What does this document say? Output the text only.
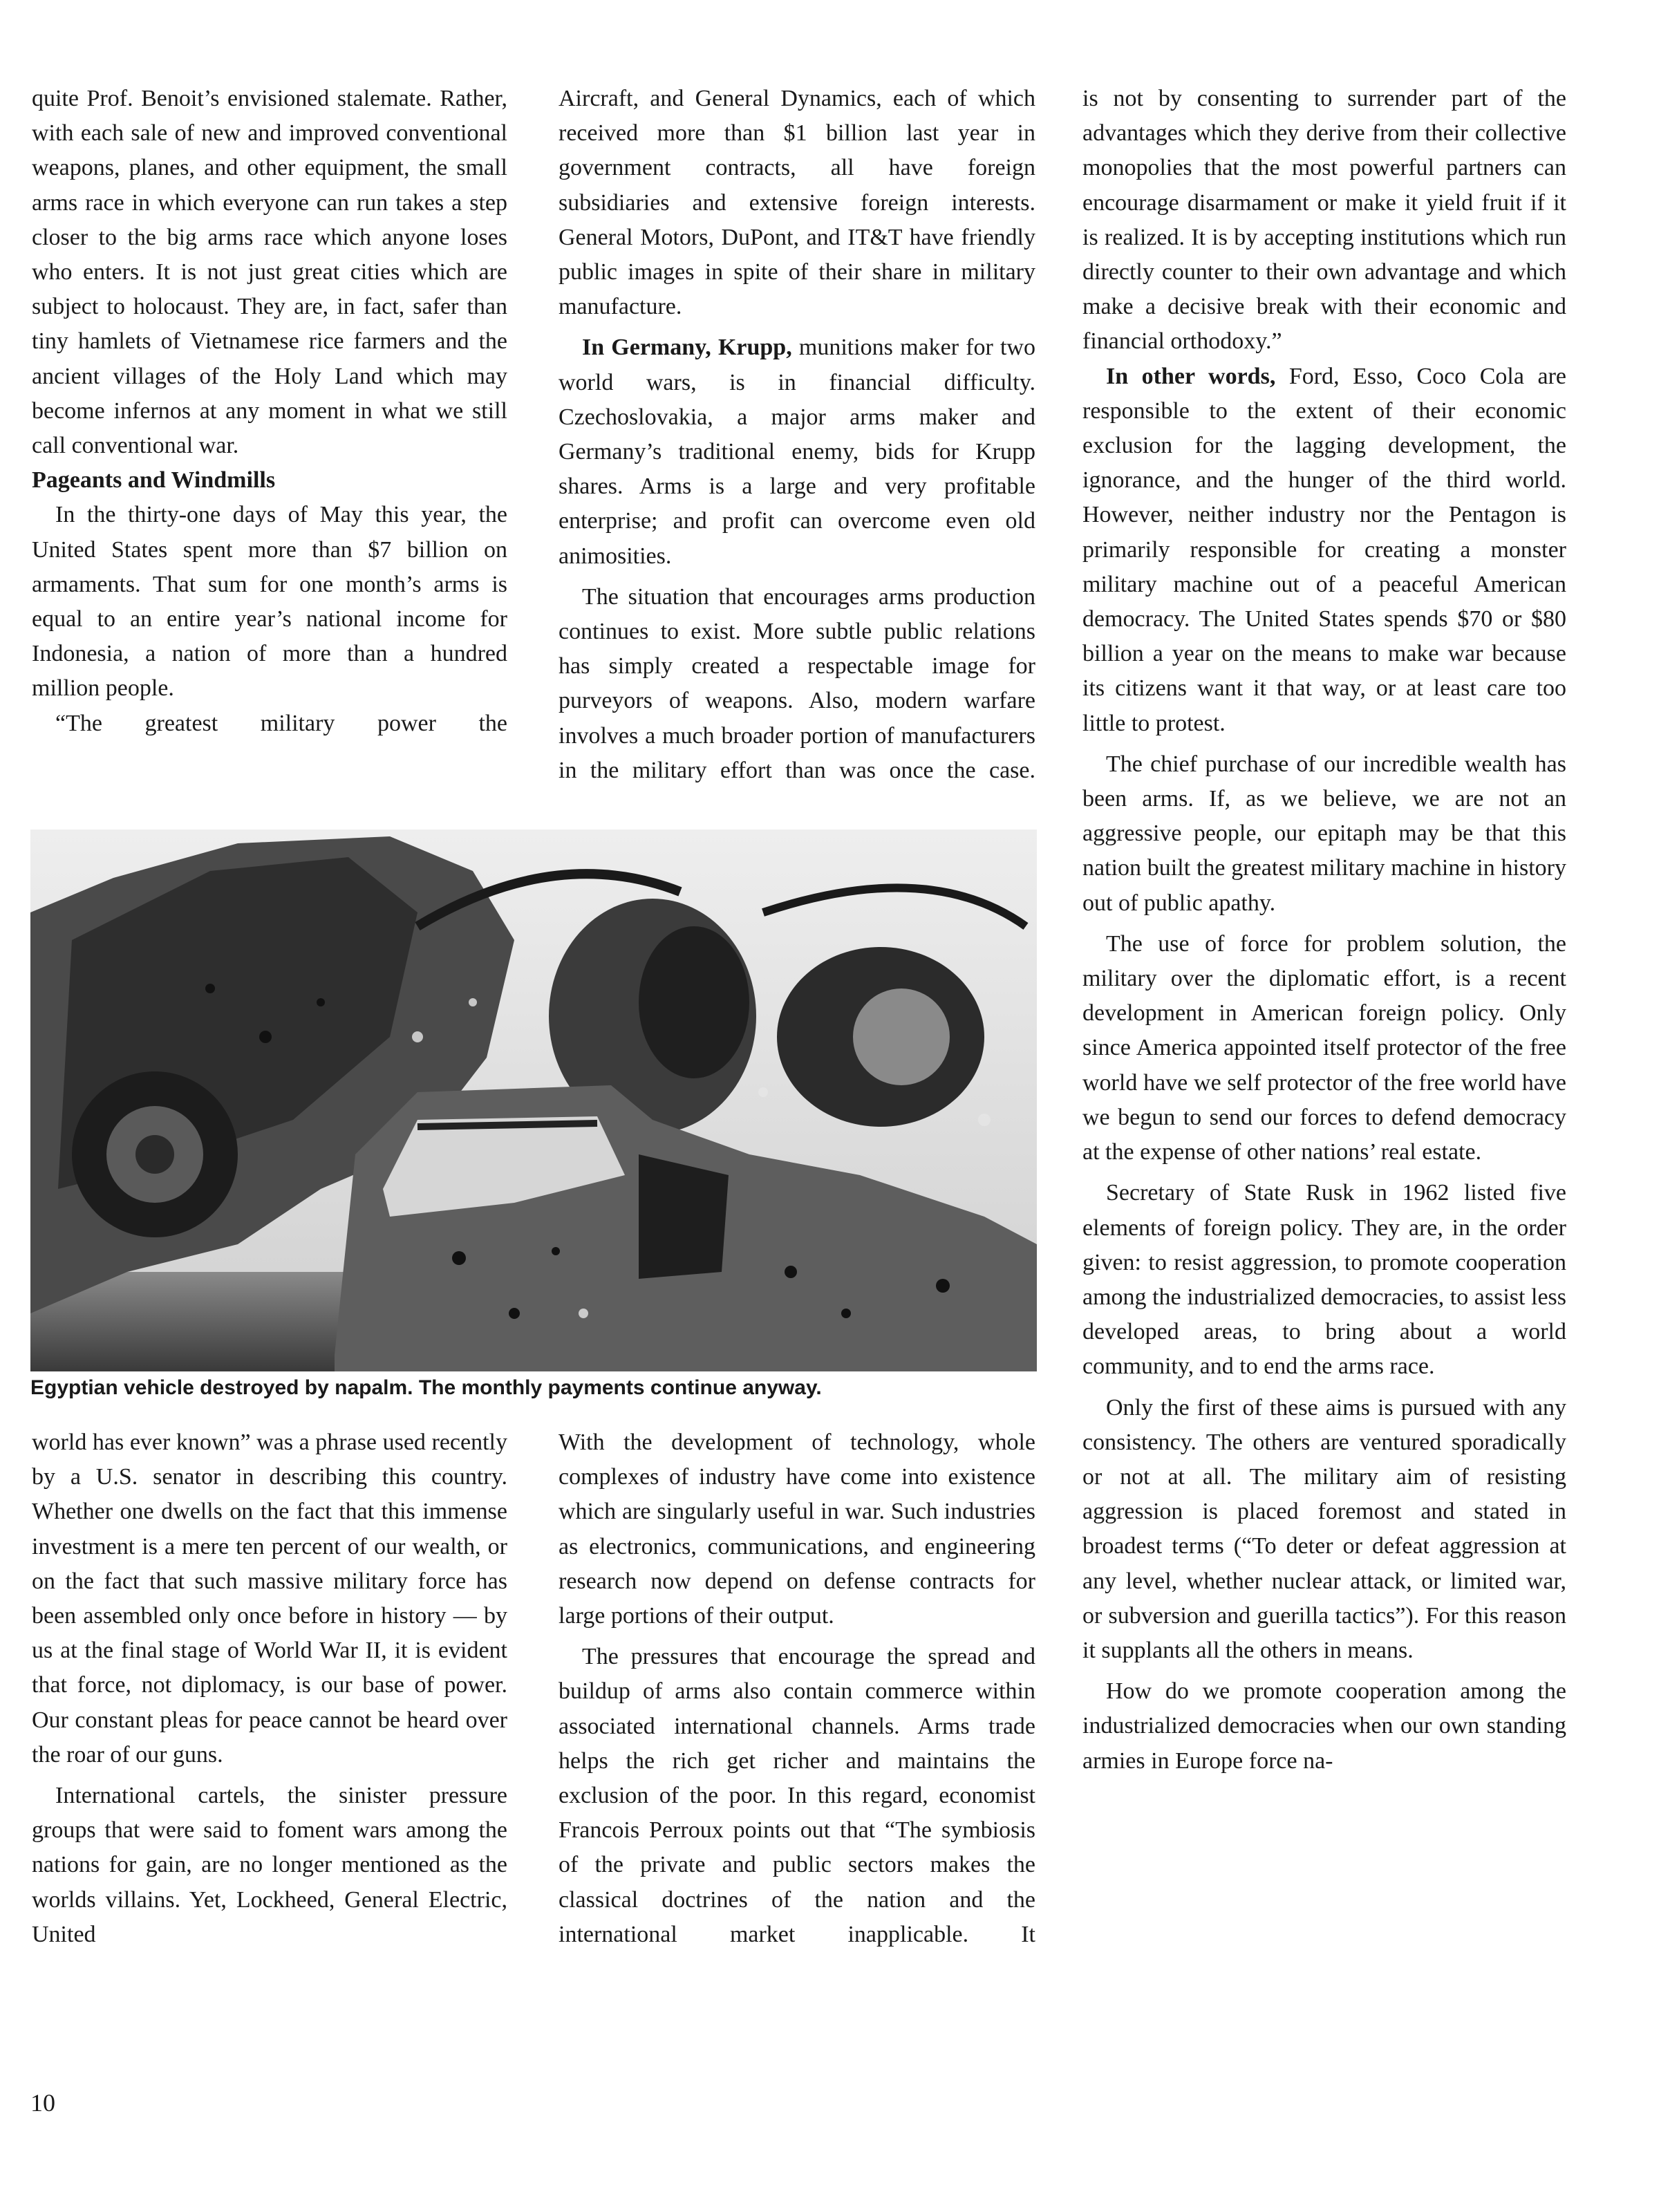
quite Prof. Benoit’s envisioned stalemate. Rather, with each sale of new and improved conventional weapons, planes, and other equipment, the small arms race in which everyone can run takes a step closer to the big arms race which anyone loses who enters. It is not just great cities which are subject to holocaust. They are, in fact, safer than tiny hamlets of Vietnamese rice farmers and the ancient villages of the Holy Land which may become infernos at any moment in what we still call conventional war.

Pageants and Windmills

In the thirty-one days of May this year, the United States spent more than $7 billion on armaments. That sum for one month’s arms is equal to an entire year’s national income for Indonesia, a nation of more than a hundred million people.

“The greatest military power the

Aircraft, and General Dynamics, each of which received more than $1 billion last year in government contracts, all have foreign subsidiaries and extensive foreign interests. General Motors, DuPont, and IT&T have friendly public images in spite of their share in military manufacture.

In Germany, Krupp, munitions maker for two world wars, is in financial difficulty. Czechoslovakia, a major arms maker and Germany’s traditional enemy, bids for Krupp shares. Arms is a large and very profitable enterprise; and profit can overcome even old animosities.

The situation that encourages arms production continues to exist. More subtle public relations has simply created a respectable image for purveyors of weapons. Also, modern warfare involves a much broader portion of manufacturers in the military effort than was once the case.

is not by consenting to surrender part of the advantages which they derive from their collective monopolies that the most powerful partners can encourage disarmament or make it yield fruit if it is realized. It is by accepting institutions which run directly counter to their own advantage and which make a decisive break with their economic and financial orthodoxy.”

In other words, Ford, Esso, Coco Cola are responsible to the extent of their economic exclusion for the lagging development, the ignorance, and the hunger of the third world. However, neither industry nor the Pentagon is primarily responsible for creating a monster military machine out of a peaceful American democracy. The United States spends $70 or $80 billion a year on the means to make war because its citizens want it that way, or at least care too little to protest.

The chief purchase of our incredible wealth has been arms. If, as we believe, we are not an aggressive people, our epitaph may be that this nation built the greatest military machine in history out of public apathy.

The use of force for problem solution, the military over the diplomatic effort, is a recent development in American foreign policy. Only since America appointed itself protector of the free world have we self protector of the free world have we begun to send our forces to defend democracy at the expense of other nations’ real estate.

Secretary of State Rusk in 1962 listed five elements of foreign policy. They are, in the order given: to resist aggression, to promote cooperation among the industrialized democracies, to assist less developed areas, to bring about a world community, and to end the arms race.

Only the first of these aims is pursued with any consistency. The others are ventured sporadically or not at all. The military aim of resisting aggression is placed foremost and stated in broadest terms (“To deter or defeat aggression at any level, whether nuclear attack, or limited war, or subversion and guerilla tactics”). For this reason it supplants all the others in means.

How do we promote cooperation among the industrialized democracies when our own standing armies in Europe force na-

Egyptian vehicle destroyed by napalm. The monthly payments continue anyway.

world has ever known” was a phrase used recently by a U.S. senator in describing this country. Whether one dwells on the fact that this immense investment is a mere ten percent of our wealth, or on the fact that such massive military force has been assembled only once before in history — by us at the final stage of World War II, it is evident that force, not diplomacy, is our base of power. Our constant pleas for peace cannot be heard over the roar of our guns.

International cartels, the sinister pressure groups that were said to foment wars among the nations for gain, are no longer mentioned as the worlds villains. Yet, Lockheed, General Electric, United

With the development of technology, whole complexes of industry have come into existence which are singularly useful in war. Such industries as electronics, communications, and engineering research now depend on defense contracts for large portions of their output.

The pressures that encourage the spread and buildup of arms also contain commerce within associated international channels. Arms trade helps the rich get richer and maintains the exclusion of the poor. In this regard, economist Francois Perroux points out that “The symbiosis of the private and public sectors makes the classical doctrines of the nation and the international market inapplicable. It

10
